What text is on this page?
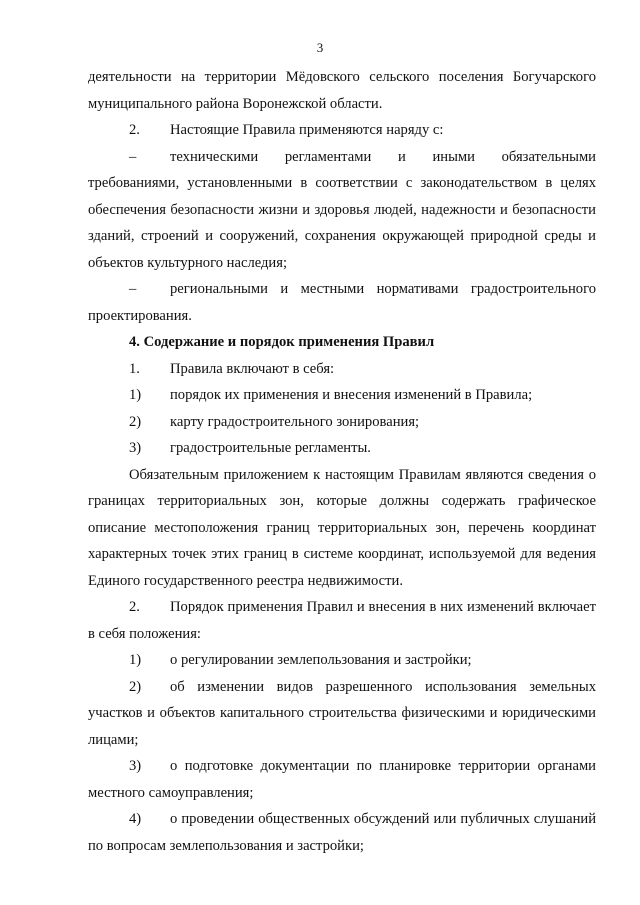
3

деятельности на территории Мёдовского сельского поселения Богучарского муниципального района Воронежской области.

2. Настоящие Правила применяются наряду с:

– техническими регламентами и иными обязательными требованиями, установленными в соответствии с законодательством в целях обеспечения безопасности жизни и здоровья людей, надежности и безопасности зданий, строений и сооружений, сохранения окружающей природной среды и объектов культурного наследия;

– региональными и местными нормативами градостроительного проектирования.

4. Содержание и порядок применения Правил

1. Правила включают в себя:

1) порядок их применения и внесения изменений в Правила;

2) карту градостроительного зонирования;

3) градостроительные регламенты.

Обязательным приложением к настоящим Правилам являются сведения о границах территориальных зон, которые должны содержать графическое описание местоположения границ территориальных зон, перечень координат характерных точек этих границ в системе координат, используемой для ведения Единого государственного реестра недвижимости.

2. Порядок применения Правил и внесения в них изменений включает в себя положения:

1) о регулировании землепользования и застройки;

2) об изменении видов разрешенного использования земельных участков и объектов капитального строительства физическими и юридическими лицами;

3) о подготовке документации по планировке территории органами местного самоуправления;

4) о проведении общественных обсуждений или публичных слушаний по вопросам землепользования и застройки;
